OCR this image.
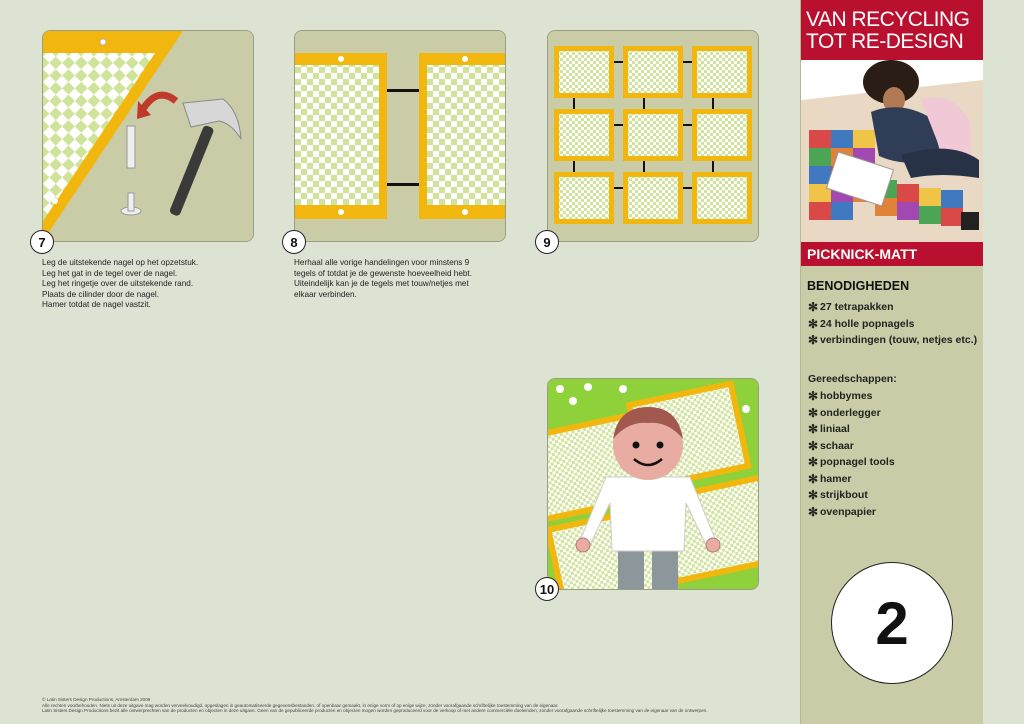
7
Leg de uitstekende nagel op het opzetstuk.
Leg het gat in de tegel over de nagel.
Leg het ringetje over de uitstekende rand.
Plaats de cilinder door de nagel.
Hamer totdat de nagel vastzit.
8
Herhaal alle vorige handelingen voor minstens 9
tegels of totdat je de gewenste hoeveelheid hebt.
Uiteindelijk kan je de tegels met touw/netjes met
elkaar verbinden.
9
10
VAN RECYCLING
TOT RE-DESIGN
PICKNICK-MATT
BENODIGHEDEN
✻ 27 tetrapakken
✻ 24 holle popnagels
✻ verbindingen (touw, netjes etc.)
Gereedschappen:
✻ hobbymes
✻ onderlegger
✻ liniaal
✻ schaar
✻ popnagel tools
✻ hamer
✻ strijkbout
✻ ovenpapier
2
© Latin Sisters Design Productions, Amsterdam 2009
Alle rechten voorbehouden. Niets uit deze uitgave mag worden verveelvoudigd, opgeslagen in geautomatiseerde gegevensbestanden, of openbaar gemaakt, in enige vorm of op enige wijze, zonder voorafgaande schriftelijke toestemming van de eigenaar.
Latin Sisters Design Productions bezit alle ontwerprechten van de producten en objecten in deze uitgave. Geen van de gepubliceerde producten en objecten mogen worden geproduceerd voor de verkoop of met andere commerciële doeleinden, zonder voorafgaande schriftelijke toestemming van de eigenaar van de ontwerpen.
